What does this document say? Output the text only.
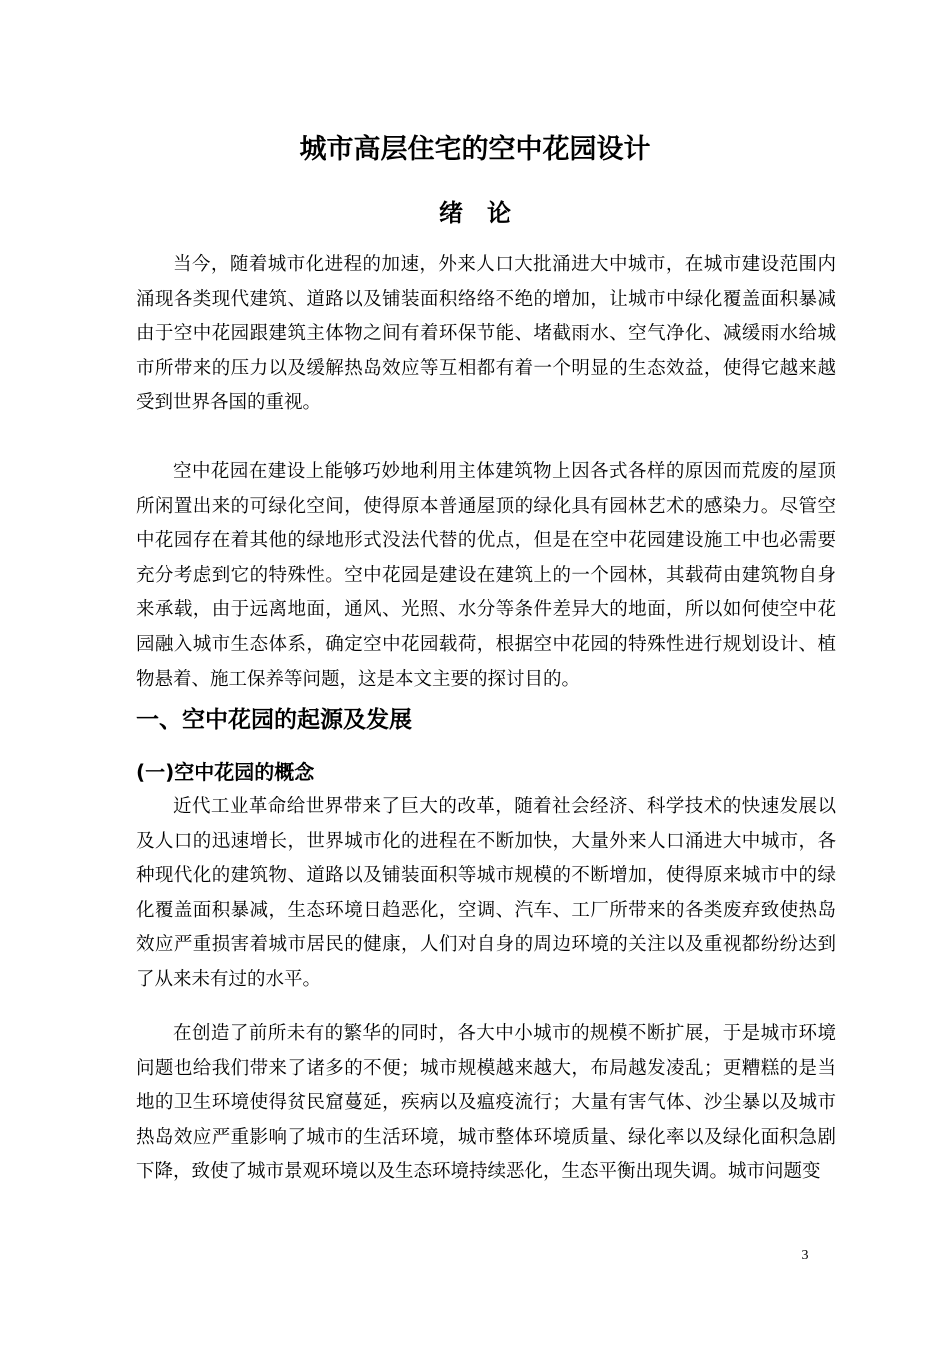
城市高层住宅的空中花园设计
绪论

当今，随着城市化进程的加速，外来人口大批涌进大中城市，在城市建设范围内涌现各类现代建筑、道路以及铺装面积络络不绝的增加，让城市中绿化覆盖面积暴减由于空中花园跟建筑主体物之间有着环保节能、堵截雨水、空气净化、减缓雨水给城市所带来的压力以及缓解热岛效应等互相都有着一个明显的生态效益，使得它越来越受到世界各国的重视。

空中花园在建设上能够巧妙地利用主体建筑物上因各式各样的原因而荒废的屋顶所闲置出来的可绿化空间，使得原本普通屋顶的绿化具有园林艺术的感染力。尽管空中花园存在着其他的绿地形式没法代替的优点，但是在空中花园建设施工中也必需要充分考虑到它的特殊性。空中花园是建设在建筑上的一个园林，其载荷由建筑物自身来承载，由于远离地面，通风、光照、水分等条件差异大的地面，所以如何使空中花园融入城市生态体系，确定空中花园载荷，根据空中花园的特殊性进行规划设计、植物悬着、施工保养等问题，这是本文主要的探讨目的。

一、空中花园的起源及发展
(一)空中花园的概念

近代工业革命给世界带来了巨大的改革，随着社会经济、科学技术的快速发展以及人口的迅速增长，世界城市化的进程在不断加快，大量外来人口涌进大中城市，各种现代化的建筑物、道路以及铺装面积等城市规模的不断增加，使得原来城市中的绿化覆盖面积暴减，生态环境日趋恶化，空调、汽车、工厂所带来的各类废弃致使热岛效应严重损害着城市居民的健康，人们对自身的周边环境的关注以及重视都纷纷达到了从来未有过的水平。

在创造了前所未有的繁华的同时，各大中小城市的规模不断扩展，于是城市环境问题也给我们带来了诸多的不便；城市规模越来越大，布局越发凌乱；更糟糕的是当地的卫生环境使得贫民窟蔓延，疾病以及瘟疫流行；大量有害气体、沙尘暴以及城市热岛效应严重影响了城市的生活环境，城市整体环境质量、绿化率以及绿化面积急剧下降，致使了城市景观环境以及生态环境持续恶化，生态平衡出现失调。城市问题变

3
